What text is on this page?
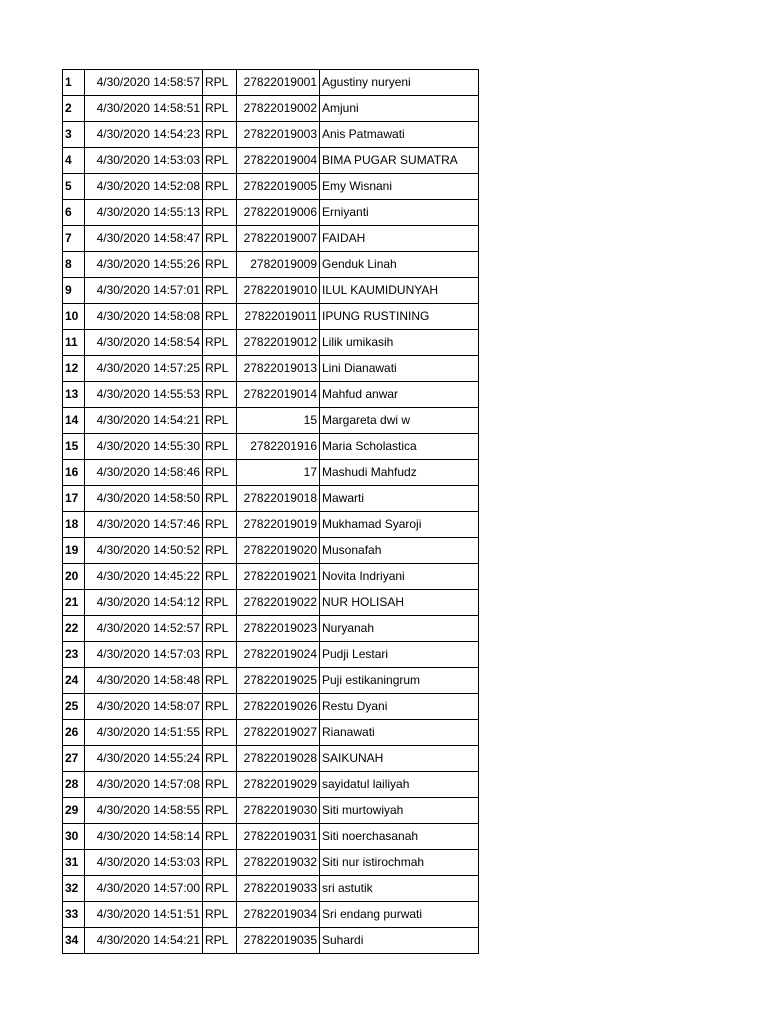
1	4/30/2020 14:58:57	RPL	27822019001	Agustiny nuryeni
2	4/30/2020 14:58:51	RPL	27822019002	Amjuni
3	4/30/2020 14:54:23	RPL	27822019003	Anis Patmawati
4	4/30/2020 14:53:03	RPL	27822019004	BIMA PUGAR SUMATRA
5	4/30/2020 14:52:08	RPL	27822019005	Emy Wisnani
6	4/30/2020 14:55:13	RPL	27822019006	Erniyanti
7	4/30/2020 14:58:47	RPL	27822019007	FAIDAH
8	4/30/2020 14:55:26	RPL	2782019009	Genduk Linah
9	4/30/2020 14:57:01	RPL	27822019010	ILUL KAUMIDUNYAH
10	4/30/2020 14:58:08	RPL	27822019011	IPUNG RUSTINING
11	4/30/2020 14:58:54	RPL	27822019012	Lilik umikasih
12	4/30/2020 14:57:25	RPL	27822019013	Lini Dianawati
13	4/30/2020 14:55:53	RPL	27822019014	Mahfud anwar
14	4/30/2020 14:54:21	RPL	15	Margareta dwi w
15	4/30/2020 14:55:30	RPL	2782201916	Maria Scholastica
16	4/30/2020 14:58:46	RPL	17	Mashudi Mahfudz
17	4/30/2020 14:58:50	RPL	27822019018	Mawarti
18	4/30/2020 14:57:46	RPL	27822019019	Mukhamad Syaroji
19	4/30/2020 14:50:52	RPL	27822019020	Musonafah
20	4/30/2020 14:45:22	RPL	27822019021	Novita Indriyani
21	4/30/2020 14:54:12	RPL	27822019022	NUR HOLISAH
22	4/30/2020 14:52:57	RPL	27822019023	Nuryanah
23	4/30/2020 14:57:03	RPL	27822019024	Pudji Lestari
24	4/30/2020 14:58:48	RPL	27822019025	Puji estikaningrum
25	4/30/2020 14:58:07	RPL	27822019026	Restu Dyani
26	4/30/2020 14:51:55	RPL	27822019027	Rianawati
27	4/30/2020 14:55:24	RPL	27822019028	SAIKUNAH
28	4/30/2020 14:57:08	RPL	27822019029	sayidatul lailiyah
29	4/30/2020 14:58:55	RPL	27822019030	Siti murtowiyah
30	4/30/2020 14:58:14	RPL	27822019031	Siti noerchasanah
31	4/30/2020 14:53:03	RPL	27822019032	Siti nur istirochmah
32	4/30/2020 14:57:00	RPL	27822019033	sri astutik
33	4/30/2020 14:51:51	RPL	27822019034	Sri endang purwati
34	4/30/2020 14:54:21	RPL	27822019035	Suhardi
